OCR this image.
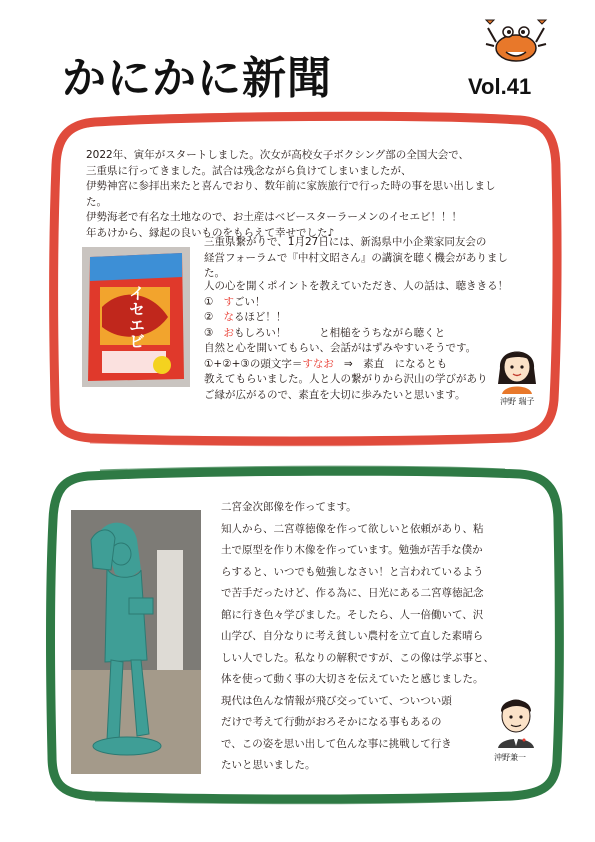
かにかに新聞	Vol.41

2022年、寅年がスタートしました。次女が高校女子ボクシング部の全国大会で、

三重県に行ってきました。試合は残念ながら負けてしまいましたが、

伊勢神宮に参拝出来たと喜んでおり、数年前に家族旅行で行った時の事を思い出しました。

伊勢海老で有名な土地なので、お土産はベビースターラーメンのイセエビ！！！

年あけから、縁起の良いものをもらえて幸せでした♪

イセエビ

三重県繋がりで、1月27日には、新潟県中小企業家同友会の

経営フォーラムで『中村文昭さん』の講演を聴く機会がありました。

人の心を開くポイントを教えていただき、人の話は、聴ききる！

① すごい！

② なるほど！！

③ おもしろい！	と相槌をうちながら聴くと

自然と心を開いてもらい、会話がはずみやすいそうです。

①+②+③の頭文字＝すなお ⇒　素直　になるとも

教えてもらいました。人と人の繋がりから沢山の学びがあり

ご縁が広がるので、素直を大切に歩みたいと思います。

沖野 瑞子

二宮金次郎像を作ってます。

知人から、二宮尊徳像を作って欲しいと依頼があり、粘

土で原型を作り木像を作っています。勉強が苦手な僕か

らすると、いつでも勉強しなさい！と言われているよう

で苦手だったけど、作る為に、日光にある二宮尊徳記念

館に行き色々学びました。そしたら、人一倍働いて、沢

山学び、自分なりに考え貧しい農村を立て直した素晴ら

しい人でした。私なりの解釈ですが、この像は学ぶ事と、

体を使って動く事の大切さを伝えていたと感じました。

現代は色んな情報が飛び交っていて、ついつい頭

だけで考えて行動がおろそかになる事もあるの

で、この姿を思い出して色んな事に挑戦して行き

たいと思いました。

沖野兼一
